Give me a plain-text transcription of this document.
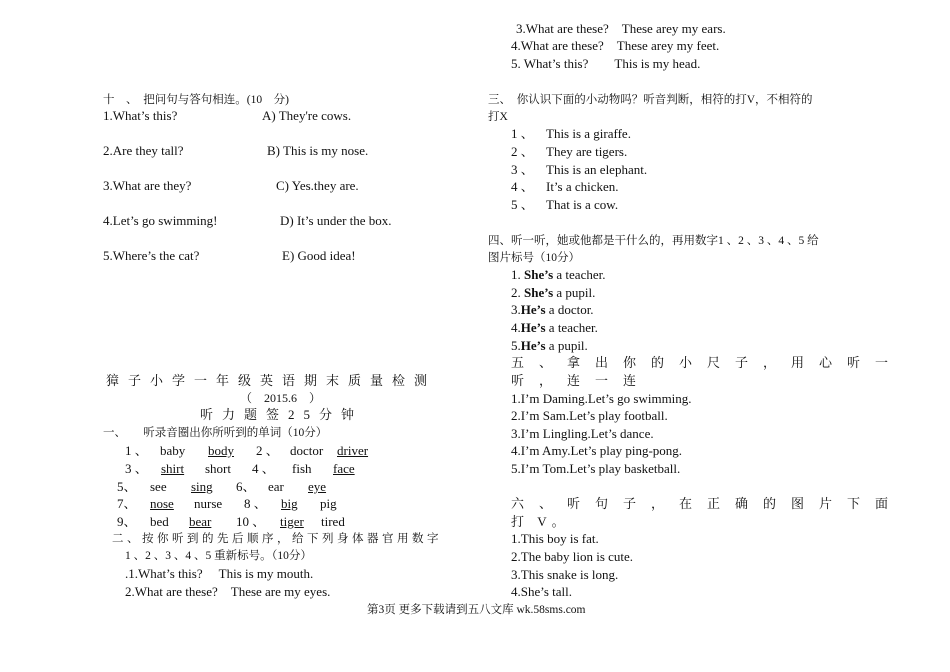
十　、　把问句与答句相连。(10　分)
1.What’s this?	A) They're cows.
2.Are they tall?	B) This is my nose.
3.What are they?	C) Yes.they are.
4.Let’s go swimming!	D) It’s under the box.
5.Where’s the cat?	E) Good idea!
獐子小学一年级英语期末质量检测
（　2015.6　）
听力题签25分钟
一、　　听录音圈出你所听到的单词（10分）
1 、 baby body 2 、 doctor driver
3 、 shirt short 4 、 fish face
5、 see sing 6、 ear eye
7、 nose nurse 8 、 big pig
9、 bed bear 10 、 tiger tired
二、按你听到的先后顺序，给下列身体器官用数字
1 、2 、3 、4 、5 重新标号。（10分）
.1.What’s this?　 This is my mouth.
2.What are these?　These are my eyes.
3.What are these?　These arey my ears.
4.What are these?　These arey my feet.
5. What’s this?　　This is my head.
三、　你认识下面的小动物吗？听音判断，相符的打V，不相符的
打X
1 、 This is a giraffe.
2 、 They are tigers.
3 、 This is an elephant.
4 、 It’s a chicken.
5 、 That is a cow.
四、听一听，她或他都是干什么的，再用数字1 、2 、3 、4 、5 给
图片标号（10分）
1. She’s a teacher.
2. She’s a pupil.
3.He’s a doctor.
4.He’s a teacher.
5.He’s a pupil.
五、拿出你的小尺子，用心听一
听，连一连
1.I’m Daming.Let’s go swimming.
2.I’m Sam.Let’s play football.
3.I’m Lingling.Let’s dance.
4.I’m Amy.Let’s play ping-pong.
5.I’m Tom.Let’s play basketball.
六、听句子，在正确的图片下面
打 V。
1.This boy is fat.
2.The baby lion is cute.
3.This snake is long.
4.She’s tall.
第3页 更多下载请到五八文库 wk.58sms.com
